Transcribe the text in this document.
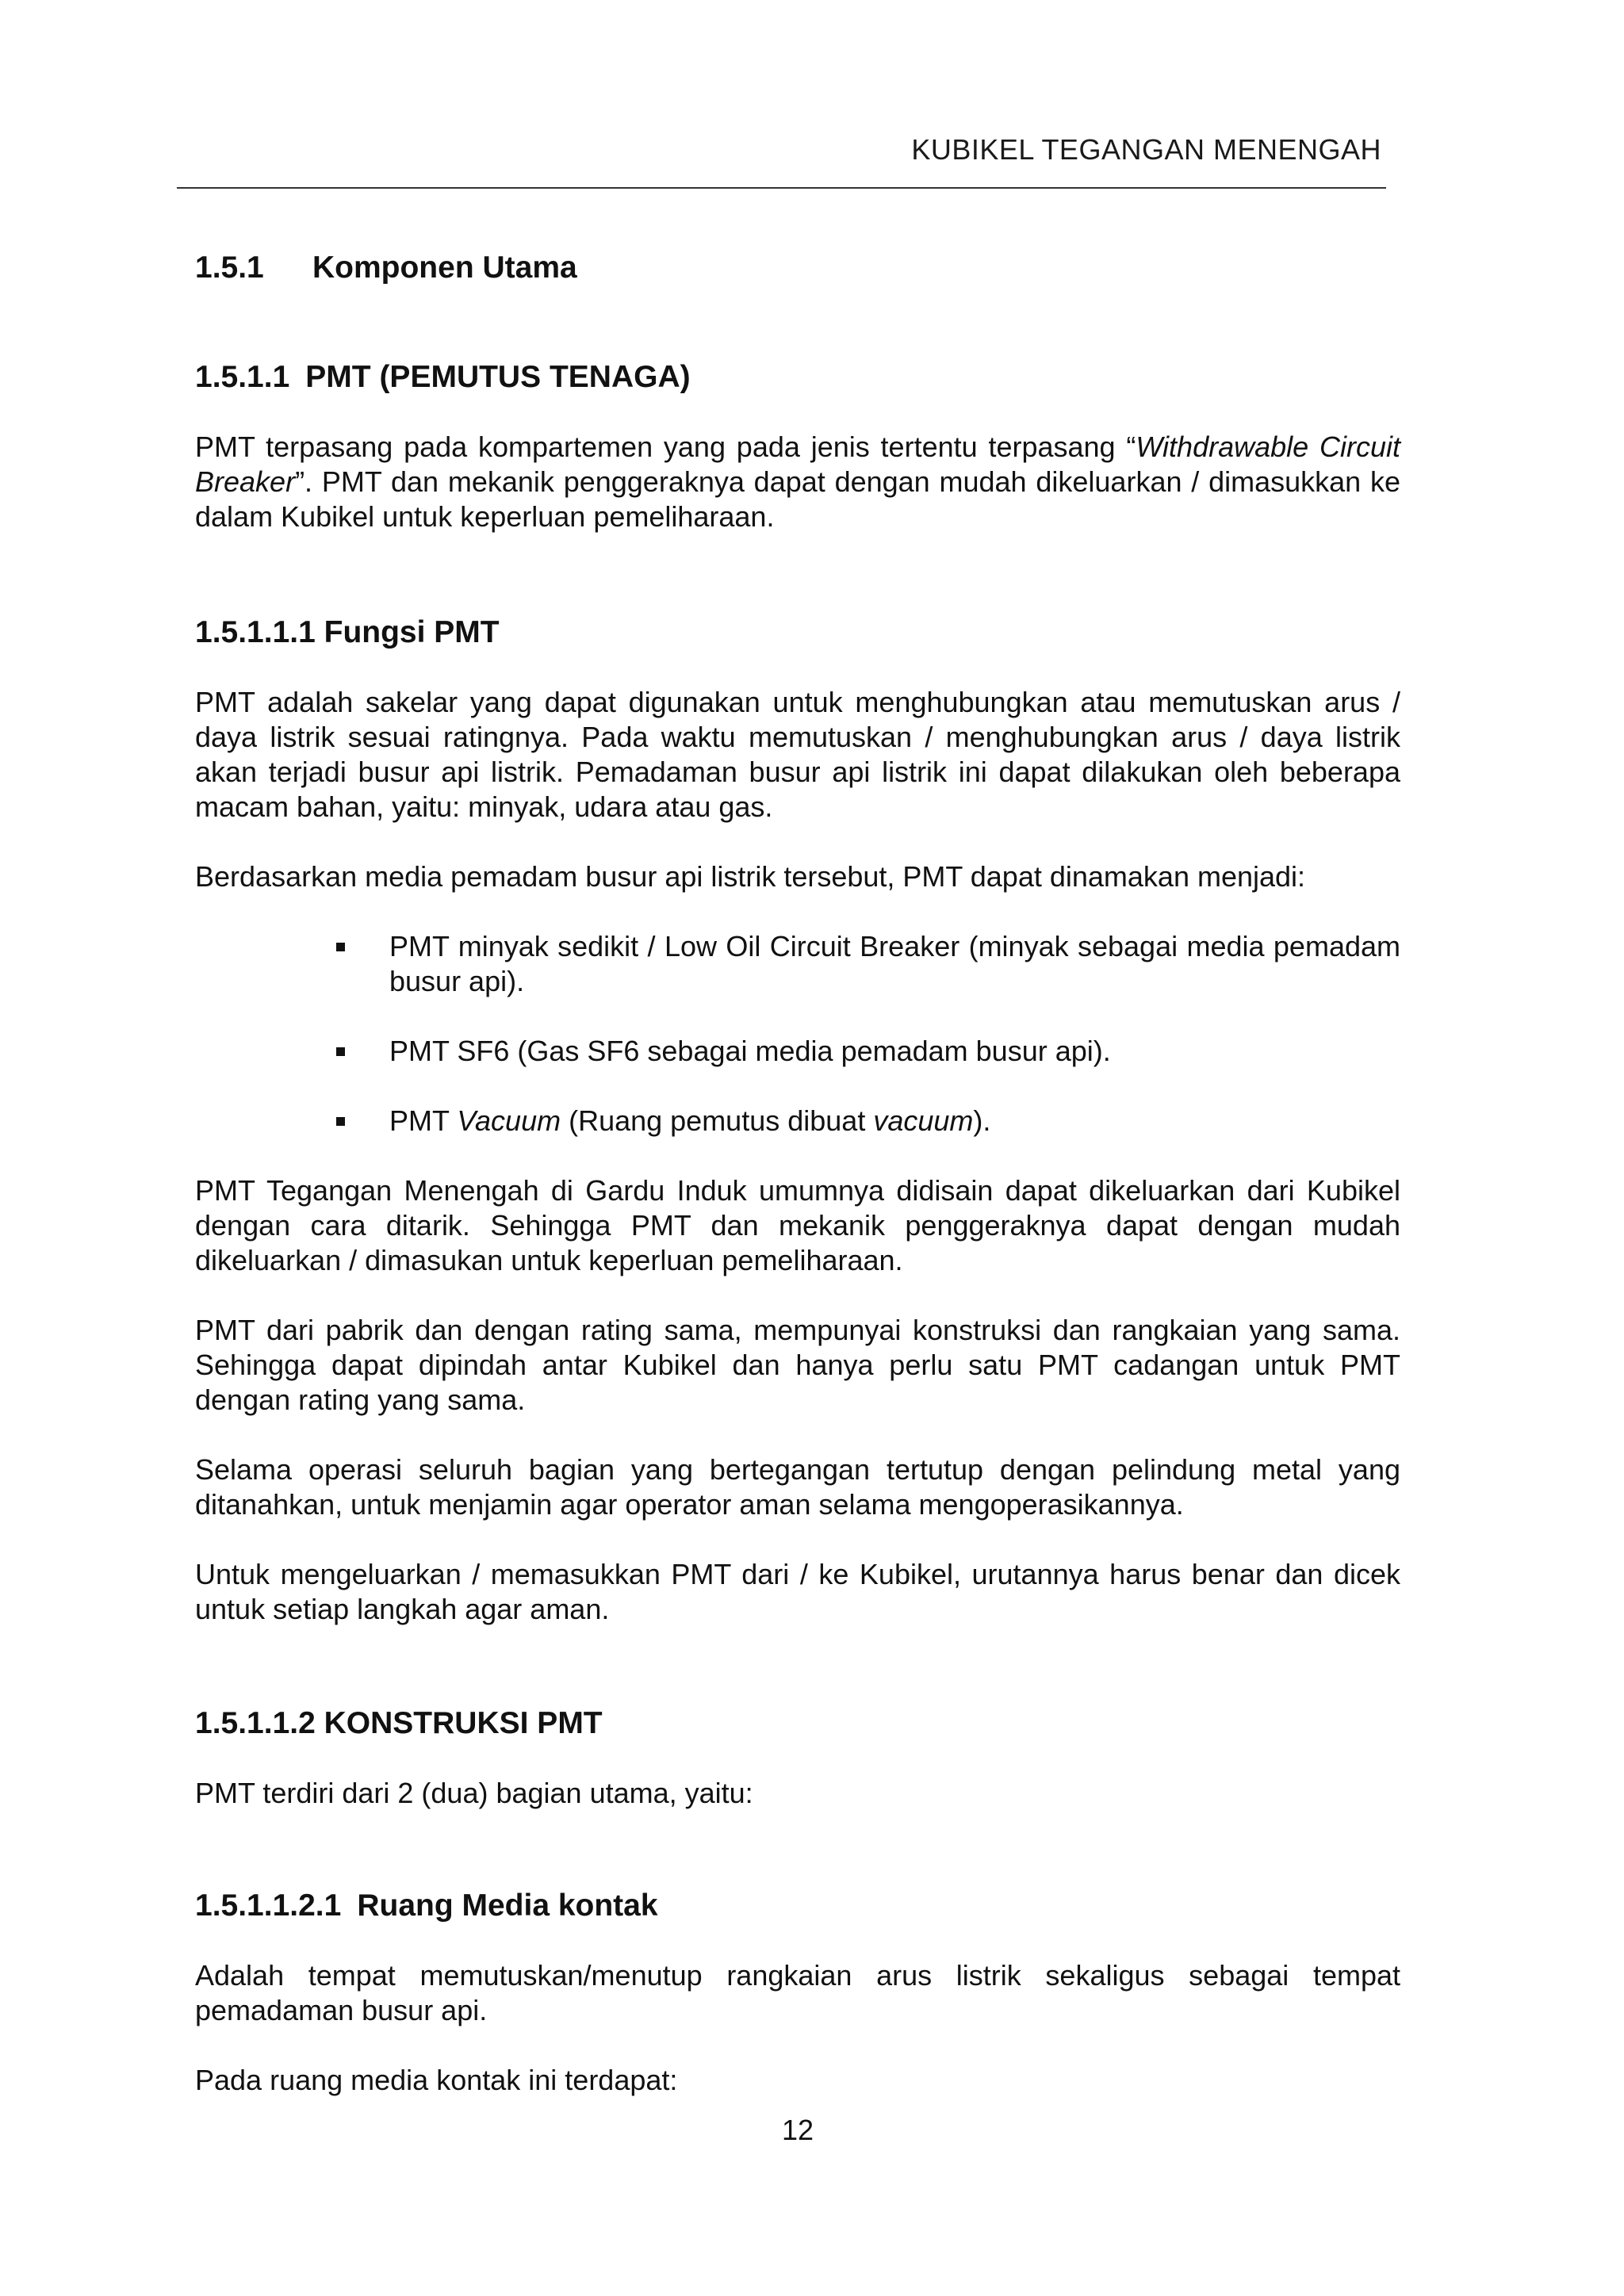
KUBIKEL TEGANGAN MENENGAH
1.5.1 Komponen Utama
1.5.1.1 PMT (PEMUTUS TENAGA)

PMT terpasang pada kompartemen yang pada jenis tertentu terpasang “Withdrawable Circuit Breaker”. PMT dan mekanik penggeraknya dapat dengan mudah dikeluarkan / dimasukkan ke dalam Kubikel untuk keperluan pemeliharaan.

1.5.1.1.1 Fungsi PMT

PMT adalah sakelar yang dapat digunakan untuk menghubungkan atau memutuskan arus / daya listrik sesuai ratingnya. Pada waktu memutuskan / menghubungkan arus / daya listrik akan terjadi busur api listrik. Pemadaman busur api listrik ini dapat dilakukan oleh beberapa macam bahan, yaitu: minyak, udara atau gas.

Berdasarkan media pemadam busur api listrik tersebut, PMT dapat dinamakan menjadi:

PMT minyak sedikit / Low Oil Circuit Breaker (minyak sebagai media pemadam busur api).
PMT SF6 (Gas SF6 sebagai media pemadam busur api).
PMT Vacuum (Ruang pemutus dibuat vacuum).

PMT Tegangan Menengah di Gardu Induk umumnya didisain dapat dikeluarkan dari Kubikel dengan cara ditarik. Sehingga PMT dan mekanik penggeraknya dapat dengan mudah dikeluarkan / dimasukan untuk keperluan pemeliharaan.

PMT dari pabrik dan dengan rating sama, mempunyai konstruksi dan rangkaian yang sama. Sehingga dapat dipindah antar Kubikel dan hanya perlu satu PMT cadangan untuk PMT dengan rating yang sama.

Selama operasi seluruh bagian yang bertegangan tertutup dengan pelindung metal yang ditanahkan, untuk menjamin agar operator aman selama mengoperasikannya.

Untuk mengeluarkan / memasukkan PMT dari / ke Kubikel, urutannya harus benar dan dicek untuk setiap langkah agar aman.

1.5.1.1.2 KONSTRUKSI PMT

PMT terdiri dari 2 (dua) bagian utama, yaitu:

1.5.1.1.2.1 Ruang Media kontak

Adalah tempat memutuskan/menutup rangkaian arus listrik sekaligus sebagai tempat pemadaman busur api.

Pada ruang media kontak ini terdapat:

12
